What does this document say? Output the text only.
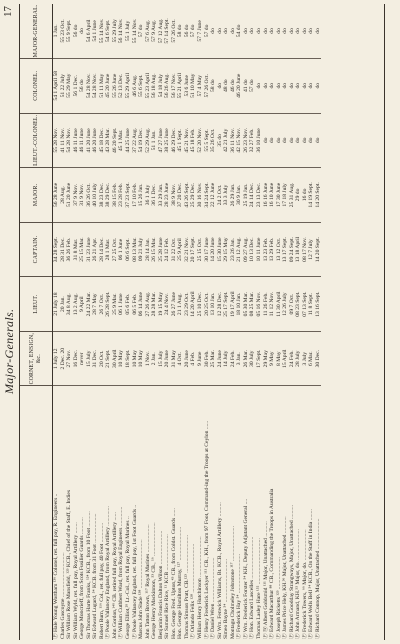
Major-Generals.
17
	CORNET, ENSIGN, &c.	LIEUT.	CAPTAIN.	MAJOR.	LIEUT.-COLONEL.	COLONEL.	MAJOR-GENERAL.
Ⓟ Hale Young Wortham ¹³⁶ Colonel, ret. full pay, R. Engineers ..	1 July 12	21 July 18	34 28 Sept.	56 28 June	55 28 Nov.	54 1 April 58	1 Jan.
Charles Gascoyne ................................	2 Dec. 20	20 Jan.	28 31 Dec.	28 Aug.	41 11 Nov.	51 22 July	55 23 Oct.
Sir William Rose Mansfield, ¹²³ KCB., Chief of the Staff, E. Indies	27 Nov.	34 8 Aug.	36 26 Feb.	51 20 June	54 28 Nov.	55 29 May	55 9 Sept.
Sir William Wyld, ret. full pay, Royal Artillery ........	16 Dec.	13 2 Aug.	31 8 Mar.	37 9 Nov.	46 11 June	56 1 Dec.	56 do
George Moncrieff, from Scots Fusilier Guards ............	never	9 April	25 15 Mar.	31 9 Nov.	46 11 June	56 do	do
Sir Thomas Harte Franks, ¹²⁴ KCB., from 10 Foot ...........	15 July	24 22 Mar.	31 23 June	36 26 Oct.	41 20 June	54 28 Nov.	54 6 April
Sir Edward Lugard, ⁵⁴ KCB. from 31 Foot .....................	31 Dec.	28 7 May	26 21 Apr.	40 10 July	46 20 June	54 28 Nov.	54 1 June
Robert Burn, ¹¹⁶ Col., ret. full pay, 40 Foot ..............	20 Oct.	26 7 Oct.	28 14 Dec.	38 23 Dec.	45 18 Dec.	51 11 May	55 14 Nov.
Ⓟ Poole Vallancey England, from Royal Artillery ..............	21 Sept.	26 28 Sept.	28 1 Mar.	38 29 Dec.	43 28 Mar.	45 20 June	54 6 Sept.
John Gordon,¹⁴⁹ CB. retired full pay, Royal Artillery ......	30 April	25 9 Mar.	27 25 Oct.	38 15 Feb.	46 20 Sept.	55 26 June	55 29 July
Ⓟ William Cuthbert Ward, from Royal Engineers ..............	10 May	06 1 June	06 1 June	23 28 Feb.	45 1 Mar.	52 13 Dec.	56 14 Nov.
George Elliot,²⁹ Lt.-Col., ret. full pay, Royal Marines ..	18 Sept.	05 6 Feb.	06 6 Sept.	37 23 Sept.	44 25 June	55 29 April	55 1 July
Ⓟ Poole Vallancey England, ret. full pay, 1st Foot Guards ..	10 May	06 5 Feb.	08 13 Mar.	17 10 Feb.	37 22 Aug.	46 6 Aug.	55 14 Nov.
Marcus John Slade ¹³⁸ ...................................	10 May	06 14 June	09 21 July	15 26 Jan.	54 19 Dec.	55 6 Sept.	57 do
John Tatton Brown, ¹¹⁷ Royal Marines ....................	1 Nov.	27 26 Aug.	28 14 Jan.	36 1 July	52 29 Aug.	55 23 April	57 6 Aug.
George Henry Mackinnon, ⁵³ CB., ¹⁶ ........................	2 Jan.	28 28 Mar.	26 15 Mar.	36 1 Dec.	51 1 Jan.	56 18 Aug.	57 9 Aug.
Benjamin Francis Dalton Wilson ........................	15 July	19 15 May	25 28 June	33 29 Jan.	47 27 June	54 18 July	57 12 Aug.
Sir Samuel Rice Rice, ¹¹ KCB ..........................	20 June	24 4 Nov.	24 12 Feb.	28 23 June	38 25 June	56 26 Aug.	57 14 Sept.
Hon. George Fred. Upton,⁴³ CB., from Coldst. Guards ......	31 May	26 27 June	31 22 Oct.	38 9 Nov.	46 29 Dec.	56 17 Nov.	57 26 Oct.
Hon. George Hamilton Murray, ¹²⁷ ........................	4 Oct.	21 1 Aug.	25 9 April	37 20 Dec.	45 1 Sept.	55 21 April	58 do
Thomas Simson Pratt, CB.¹²³ ...........................	20 June	23 29 Oct.	32 21 Nov.	43 26 Sept.	45 21 Nov.	53 6 June	56 do
Ⓟ Orlando Felix ¹²⁸ ...................................	4 Feb.	14 20 April	20 17 Sept.	25 29 Dec.	45 18 Feb.	51 10 May	57 do
William Henry Hutchinson .............................	9 June	25 10 Dec.	25 15 Oct.	30 16 Nov.	52 20 Nov.	57 4 May	57 7 June
Ⓟ Henry Frederick Lockyer ¹¹¹ CB., KH., from 97 Foot, Command-ing the Troops at Ceylon ......	30 Feb.	20 25 Oct.	30 17 June	34 24 Sept.	55 5 Sept.	57 26 Oct.	57 do
Ⓟ Daniel Wren ................................	25 Mar.	13 10 Jan.	14 20 June	22 12 June	35 26 Oct.	58 do	do
Sir Wm. Fenwick Williams, Bt. KCB., Royal Artillery ..........	24 June	12 28 Dec.	15 30 June	24 2 Oct.	35 do	do	do
Simeo Bayne ⁵⁴ ...............................	14 July	25 17 Sept.	29 15 May	33 3 July	42 21 July	48 do	do
Montagu Cholmeley Johnstone ¹¹⁷ .........................	24 Feb.	19 17 April	23 26 Jan.	26 29 Jan.	36 11 Nov.	46 do	do
Ⓟ Frederick Hay ⁵⁴ ............................	3 Jan.	18 10 Jan.	21 12 Aug.	30 9 Jan.	42 15 Nov.	46 20 June	54 do
Ⓟ Wm. Frederick Forster ⁵⁴ KH., Deputy Adjutant General ....	26 Mar.	05 30 Mar.	09 27 Aug.	25 19 Jan.	26 23 Nov.	41 do	do
Ⓟ Hon. Edward Lascelles ..............................	30 July	08 25 Mar.	10 13 Dec.	24 14 Dec.	32 27 Feb.	57 do	do
Thomas Lasley Hare ¹⁵² .................................	17 Sept.	05 16 Nov.	10 11 June	23 13 Dec.	36 10 June	do	do
Ⓟ Ⓦ Albert Goldsmid ¹¹¹ Major, Unattached ...........	29 May	11 26 Feb.	13 23 Feb.	16 16 June	do	do	do
Ⓟ Edward Macarthur ⁸⁸ CB., Commanding the Troops in Australia	9 May	11 12 Nov.	13 29 Feb.	16 10 June	do	do	do
Ⓟ Joseph Ricketts ¹²³ .......................	8 May	11 30 April	13 12 Oct.	17 30 June	do	do	do
Ⓟ James Price Hely, KH.³⁶ Major, Unattached ............	15 April	12 26 July	13 17 Sept.	17 18 July	do	do	do
Ⓟ Richard Goodday Strangways, Major, Unattached ..........	24 Feb.	09 7 Oct.	09 24 Sept.	25 31 Aug.	do	do	do
Ⓟ John Armand, KH.⁵⁵ Major, do. ......................	28 July	08 23 Sept.	13 18 April	29 do	do	do	do
Ⓟ Frederick Towers, ⁶⁶ Major, do. ......................	3 July	07 13 Sept.	08 17 Nov.	16 do	do	do	do
Ⓟ Edward Wells Bell ⁵⁴ KCB., On the Staff in India ........	6 Mar.	11 8 Sept.	12 7 July	14 19 Sept.	do	do	do
Ⓟ Richard Connop, Major, Unattached ......................	30 Dec.	13 16 Sept.	14 20 Sept.	14 20 Sept.	do	do	do
